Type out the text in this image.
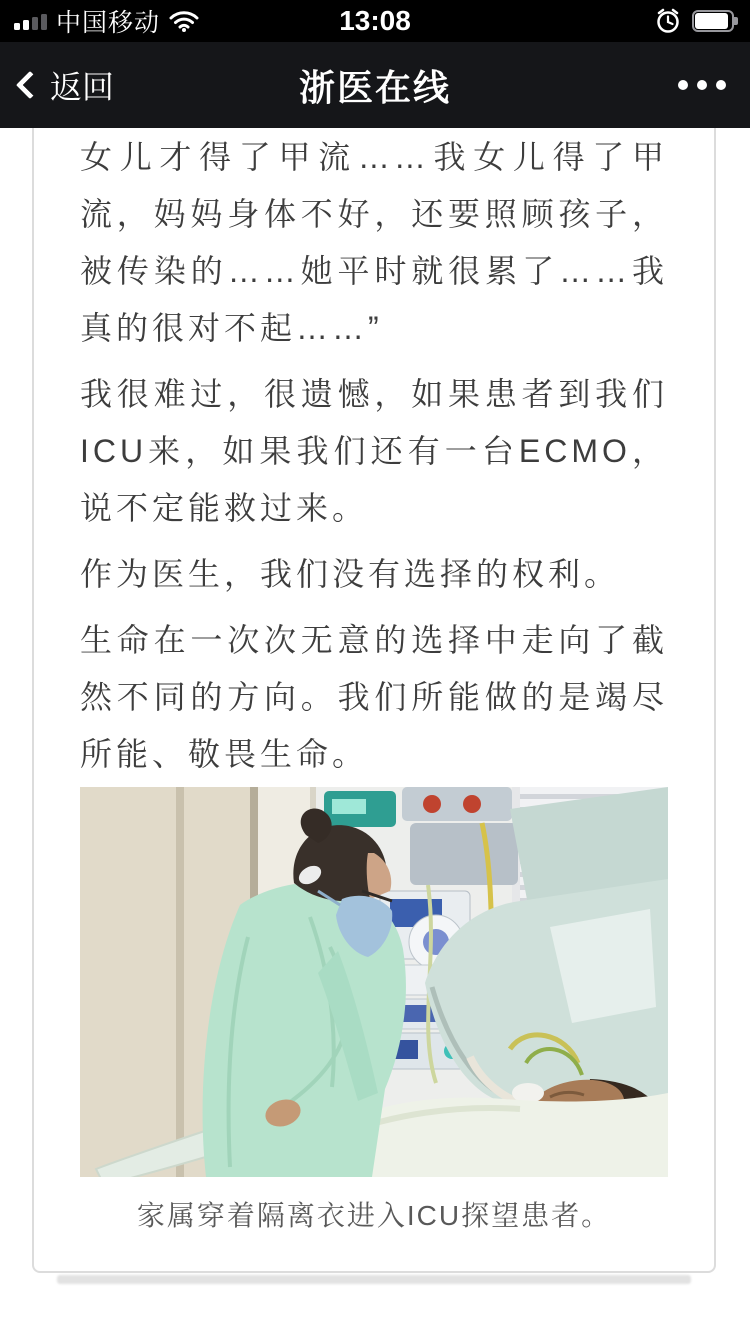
中国移动	13:08
返回	浙医在线

女儿才得了甲流……我女儿得了甲流，妈妈身体不好，还要照顾孩子，被传染的……她平时就很累了……我真的很对不起……”

我很难过，很遗憾，如果患者到我们ICU来，如果我们还有一台ECMO，说不定能救过来。

作为医生，我们没有选择的权利。

生命在一次次无意的选择中走向了截然不同的方向。我们所能做的是竭尽所能、敬畏生命。

家属穿着隔离衣进入ICU探望患者。
